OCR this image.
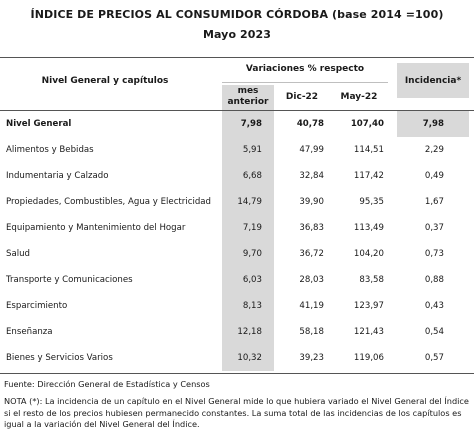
ÍNDICE DE PRECIOS AL CONSUMIDOR CÓRDOBA (base 2014 =100)
Mayo 2023
Nivel General y capítulos
Variaciones % respecto
mes
anterior	Dic-22	May-22
Incidencia*
Nivel General	7,98	40,78	107,40	7,98
Alimentos y Bebidas	5,91	47,99	114,51	2,29
Indumentaria y Calzado	6,68	32,84	117,42	0,49
Propiedades, Combustibles, Agua y Electricidad	14,79	39,90	95,35	1,67
Equipamiento y Mantenimiento del Hogar	7,19	36,83	113,49	0,37
Salud	9,70	36,72	104,20	0,73
Transporte y Comunicaciones	6,03	28,03	83,58	0,88
Esparcimiento	8,13	41,19	123,97	0,43
Enseñanza	12,18	58,18	121,43	0,54
Bienes y Servicios Varios	10,32	39,23	119,06	0,57
Fuente: Dirección General de Estadística y Censos
NOTA (*): La incidencia de un capítulo en el Nivel General mide lo que hubiera variado el Nivel General del Índice si el resto de los precios hubiesen permanecido constantes. La suma total de las incidencias de los capítulos es igual a la variación del Nivel General del Índice.
